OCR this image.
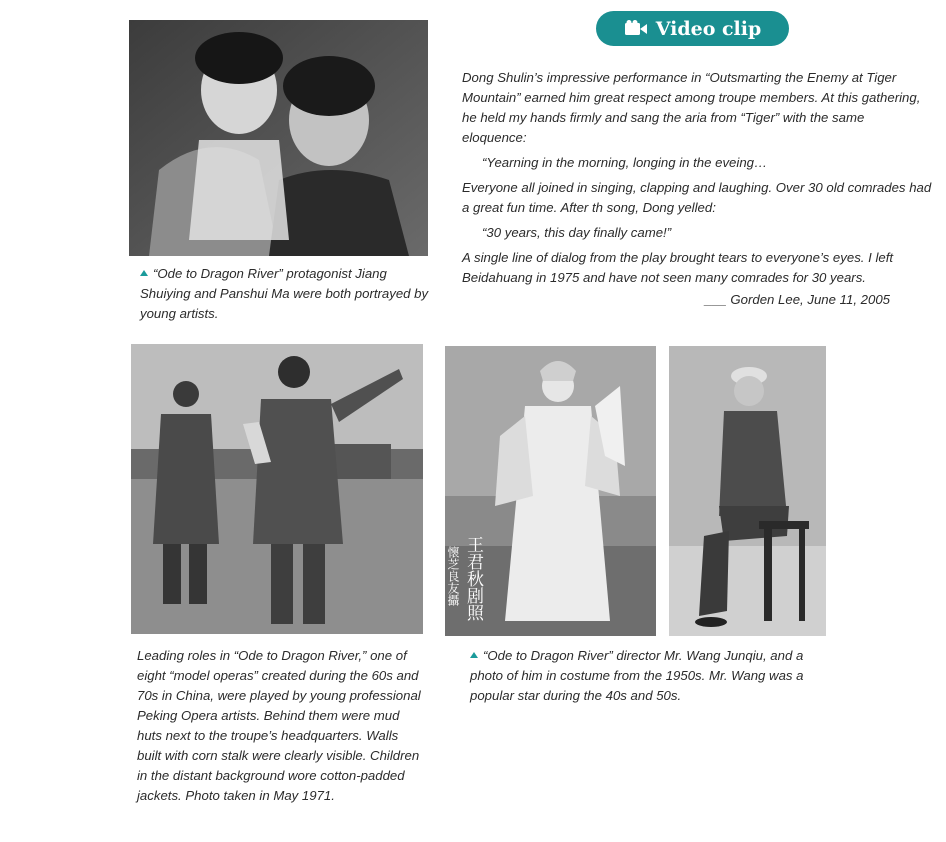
“Ode to Dragon River” protagonist Jiang Shuiying and Panshui Ma were both portrayed by young artists.
Video clip

Dong Shulin’s impressive performance in “Outsmarting the Enemy at Tiger Mountain” earned him great respect among troupe members. At this gathering, he held my hands firmly and sang the aria from “Tiger” with the same eloquence:

“Yearning in the morning, longing in the eveing…

Everyone all joined in singing, clapping and laughing. Over 30 old comrades had a great fun time. After th song, Dong yelled:

“30 years, this day finally came!”

A single line of dialog from the play brought tears to everyone’s eyes. I left Beidahuang in 1975 and have not seen many comrades for 30 years.

___ Gorden Lee, June 11, 2005

Leading roles in “Ode to Dragon River,” one of eight “model operas” created during the 60s and 70s in China, were played by young professional Peking Opera artists. Behind them were mud huts next to the troupe’s headquarters. Walls built with corn stalk were clearly visible. Children in the distant background wore cotton-padded jackets. Photo taken in May 1971.
王君秋剧照
懷芝良友攝
“Ode to Dragon River” director Mr. Wang Junqiu, and a photo of him in costume from the 1950s. Mr. Wang was a popular star during the 40s and 50s.
